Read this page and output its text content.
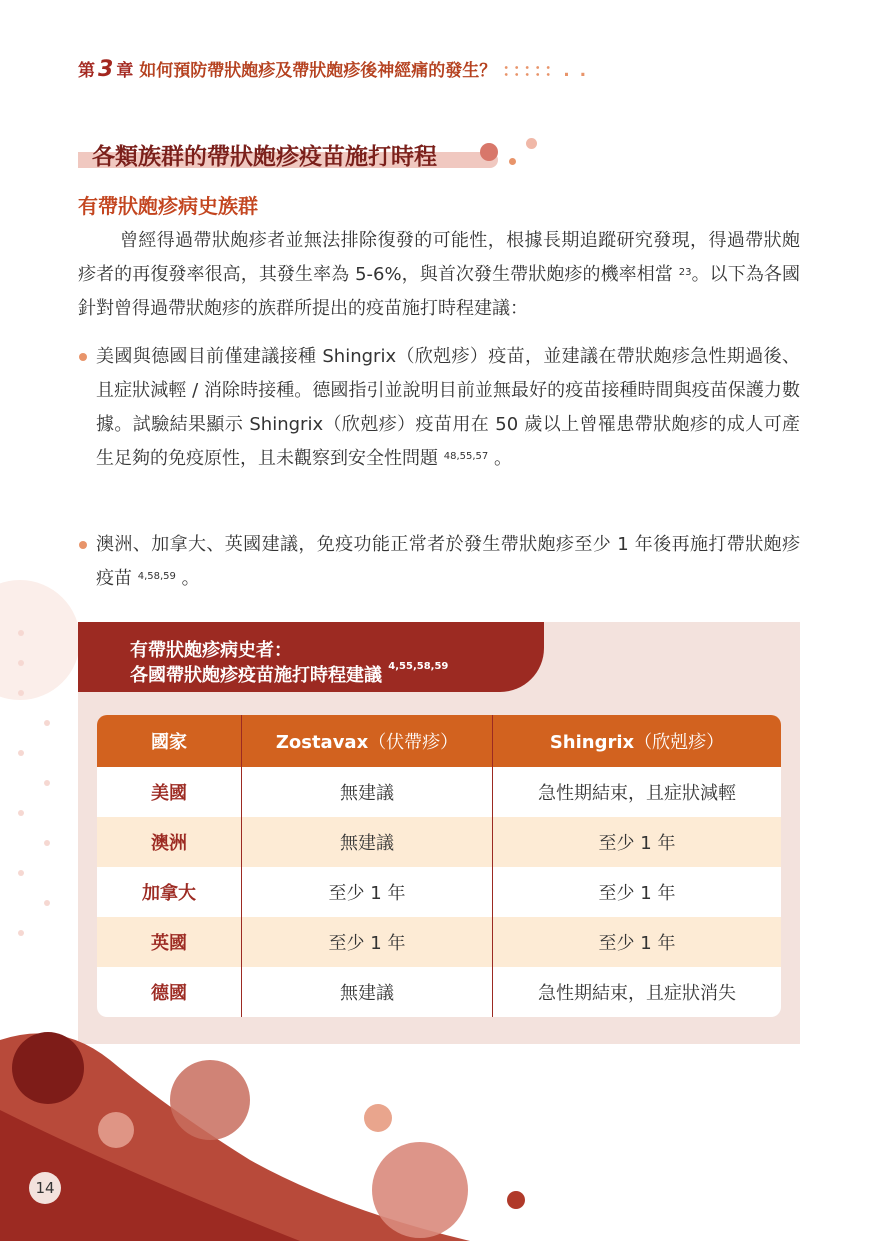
第 3 章 如何預防帶狀皰疹及帶狀皰疹後神經痛的發生？ ：：：：：. .
各類族群的帶狀皰疹疫苗施打時程
有帶狀皰疹病史族群
曾經得過帶狀皰疹者並無法排除復發的可能性，根據長期追蹤研究發現，得過帶狀皰疹者的再復發率很高，其發生率為 5-6%，與首次發生帶狀皰疹的機率相當 $^{23}$。以下為各國針對曾得過帶狀皰疹的族群所提出的疫苗施打時程建議：
美國與德國目前僅建議接種 Shingrix（欣剋疹）疫苗，並建議在帶狀皰疹急性期過後、且症狀減輕 / 消除時接種。德國指引並說明目前並無最好的疫苗接種時間與疫苗保護力數據。試驗結果顯示 Shingrix（欣剋疹）疫苗用在 50 歲以上曾罹患帶狀皰疹的成人可產生足夠的免疫原性，且未觀察到安全性問題 $^{48,55,57}$ 。
澳洲、加拿大、英國建議，免疫功能正常者於發生帶狀皰疹至少 1 年後再施打帶狀皰疹疫苗 $^{4,58,59}$ 。
有帶狀皰疹病史者：
各國帶狀皰疹疫苗施打時程建議 $^{4,55,58,59}$
國家	Zostavax（伏帶疹）	Shingrix（欣剋疹）
美國	無建議	急性期結束，且症狀減輕
澳洲	無建議	至少 1 年
加拿大	至少 1 年	至少 1 年
英國	至少 1 年	至少 1 年
德國	無建議	急性期結束，且症狀消失
14
